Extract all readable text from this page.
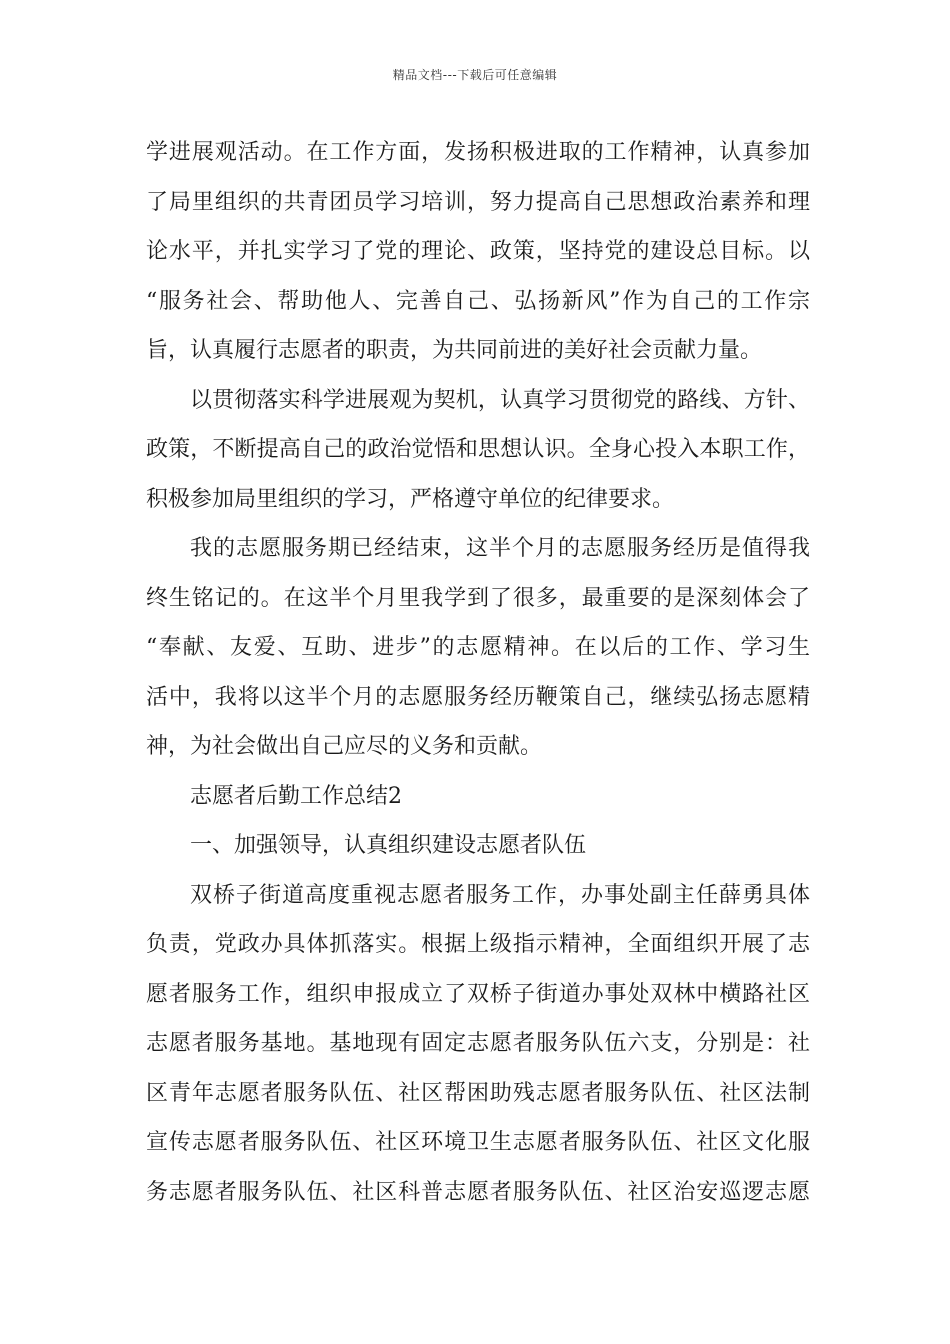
精品文档---下载后可任意编辑
学进展观活动。在工作方面，发扬积极进取的工作精神，认真参加
了局里组织的共青团员学习培训，努力提高自己思想政治素养和理
论水平，并扎实学习了党的理论、政策，坚持党的建设总目标。以
“服务社会、帮助他人、完善自己、弘扬新风”作为自己的工作宗
旨，认真履行志愿者的职责，为共同前进的美好社会贡献力量。
以贯彻落实科学进展观为契机，认真学习贯彻党的路线、方针、
政策，不断提高自己的政治觉悟和思想认识。全身心投入本职工作，
积极参加局里组织的学习，严格遵守单位的纪律要求。
我的志愿服务期已经结束，这半个月的志愿服务经历是值得我
终生铭记的。在这半个月里我学到了很多，最重要的是深刻体会了
“奉献、友爱、互助、进步”的志愿精神。在以后的工作、学习生
活中，我将以这半个月的志愿服务经历鞭策自己，继续弘扬志愿精
神，为社会做出自己应尽的义务和贡献。
志愿者后勤工作总结2
一、加强领导，认真组织建设志愿者队伍
双桥子街道高度重视志愿者服务工作，办事处副主任薛勇具体
负责，党政办具体抓落实。根据上级指示精神，全面组织开展了志
愿者服务工作，组织申报成立了双桥子街道办事处双林中横路社区
志愿者服务基地。基地现有固定志愿者服务队伍六支，分别是：社
区青年志愿者服务队伍、社区帮困助残志愿者服务队伍、社区法制
宣传志愿者服务队伍、社区环境卫生志愿者服务队伍、社区文化服
务志愿者服务队伍、社区科普志愿者服务队伍、社区治安巡逻志愿
